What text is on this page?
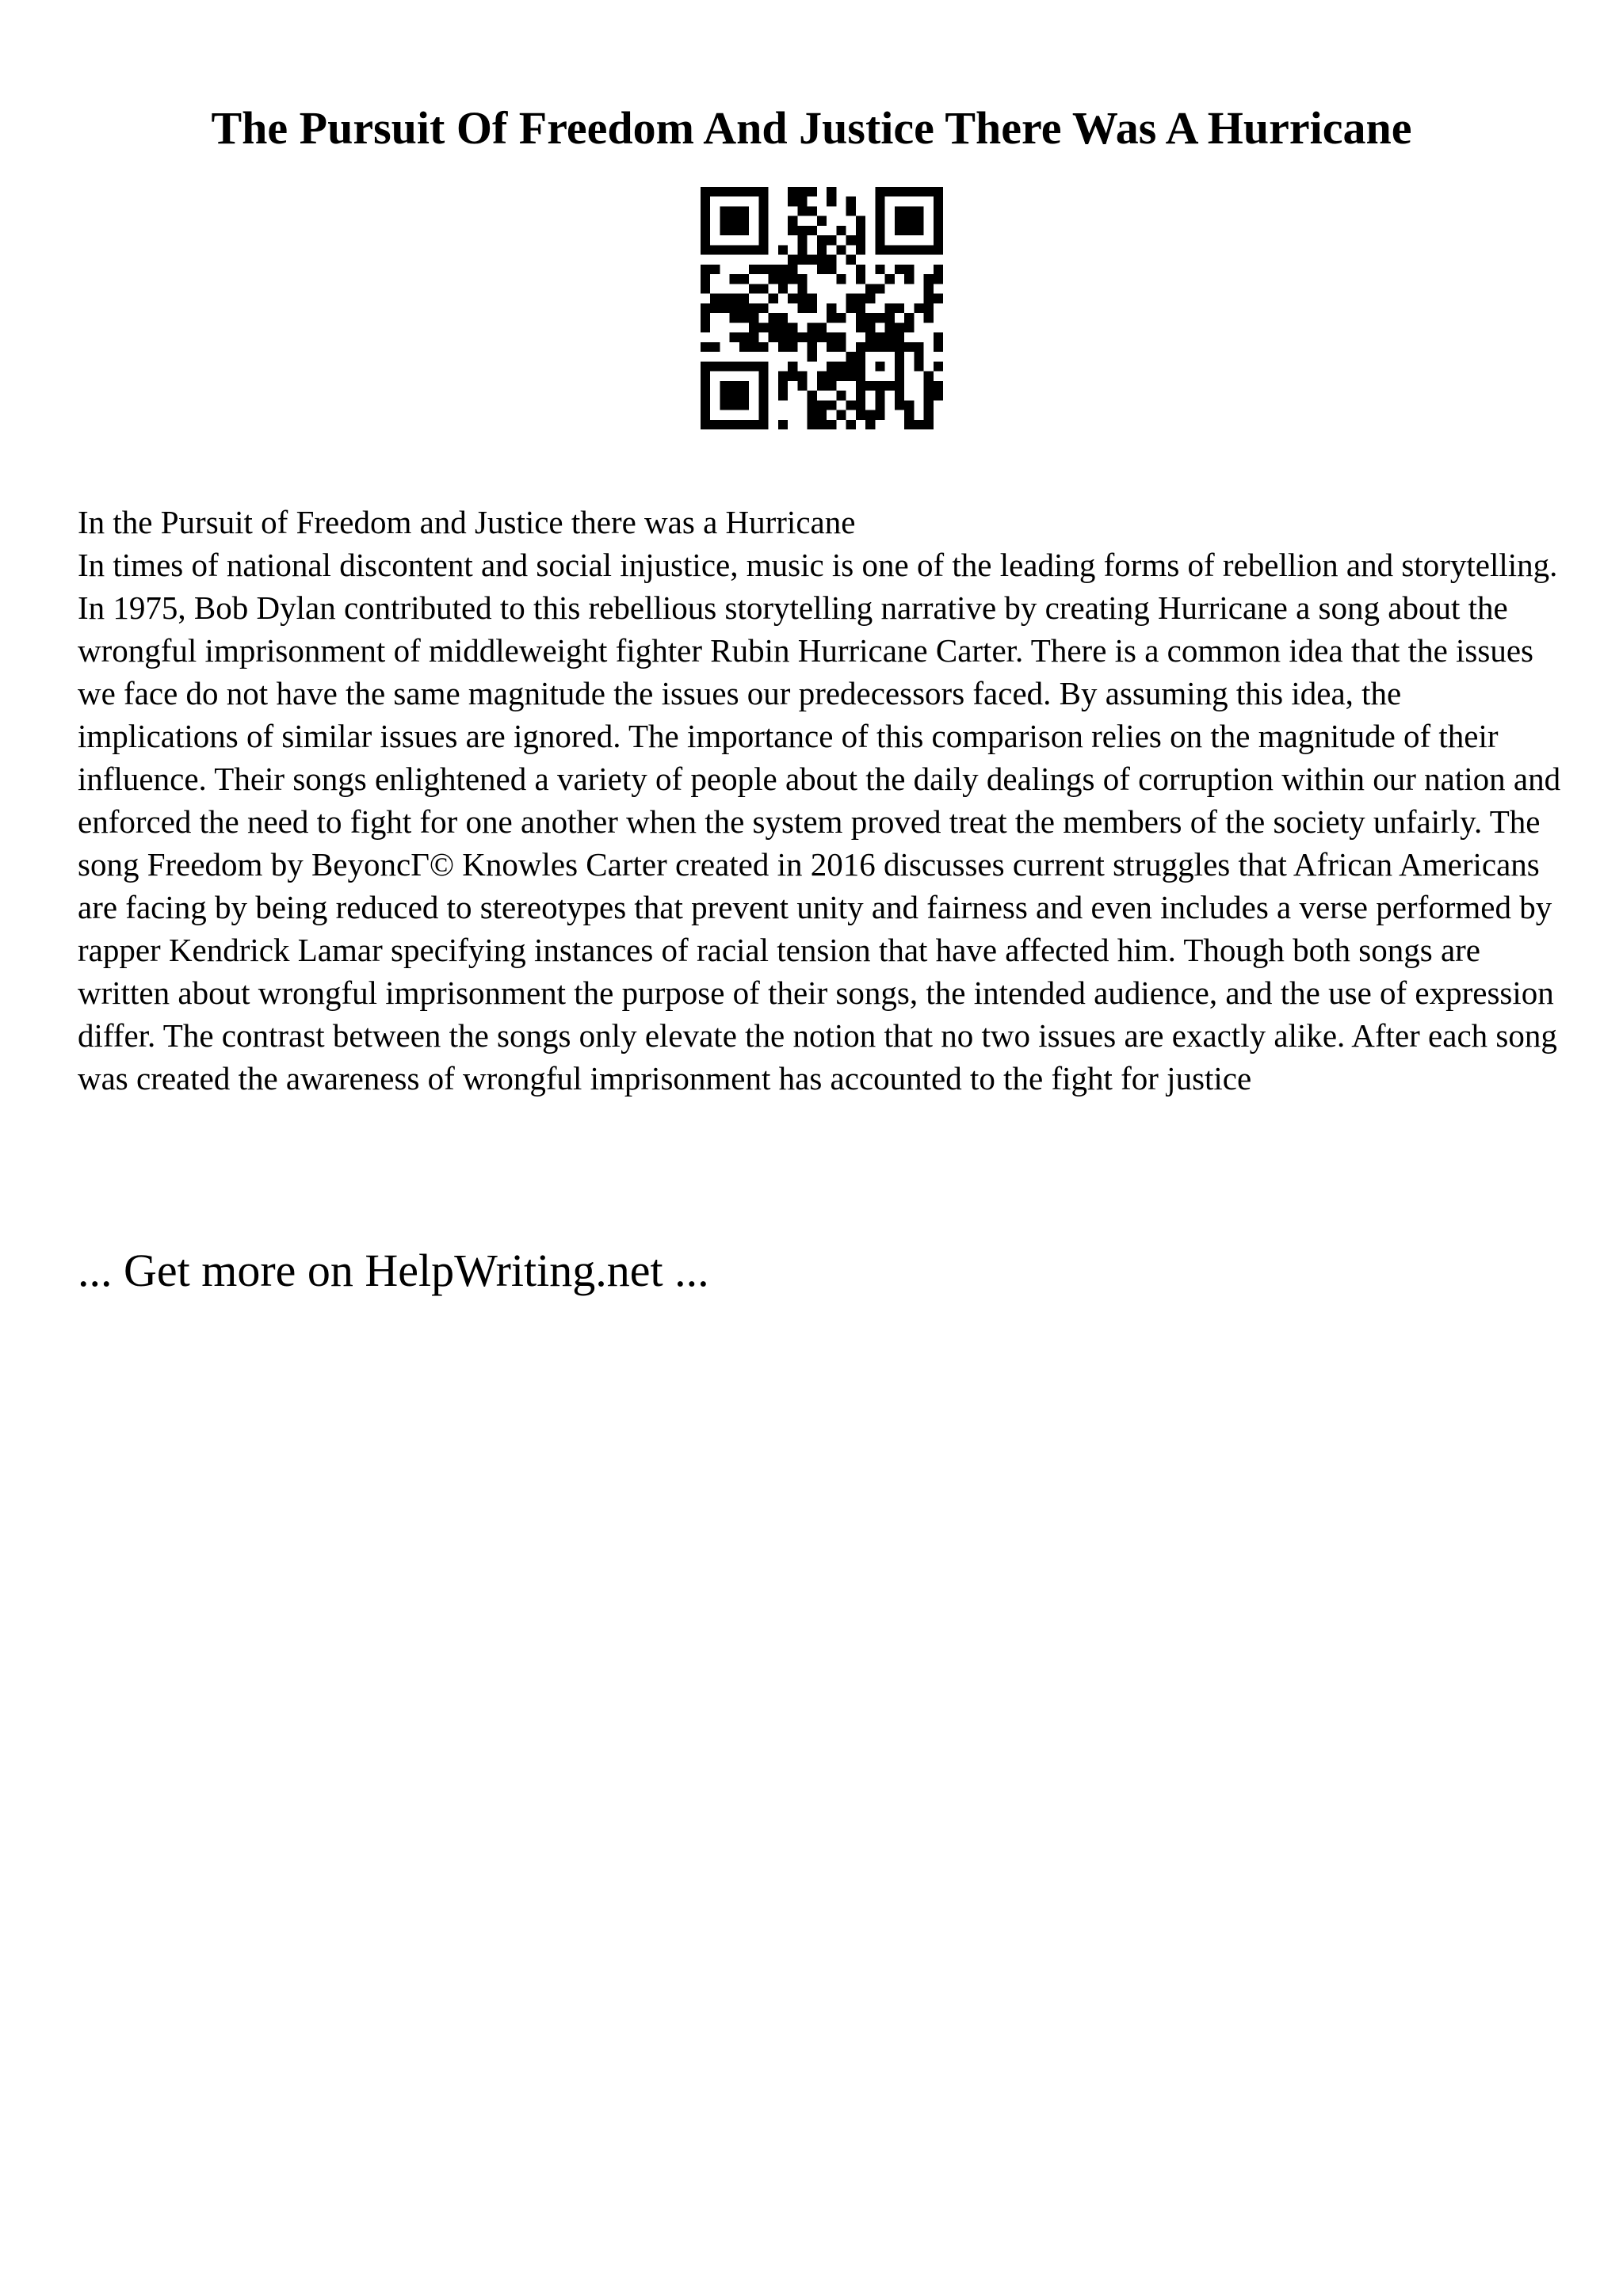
The Pursuit Of Freedom And Justice There Was A Hurricane

In the Pursuit of Freedom and Justice there was a Hurricane

In times of national discontent and social injustice, music is one of the leading forms of rebellion and storytelling. In 1975, Bob Dylan contributed to this rebellious storytelling narrative by creating Hurricane a song about the wrongful imprisonment of middleweight fighter Rubin Hurricane Carter. There is a common idea that the issues we face do not have the same magnitude the issues our predecessors faced. By assuming this idea, the implications of similar issues are ignored. The importance of this comparison relies on the magnitude of their influence. Their songs enlightened a variety of people about the daily dealings of corruption within our nation and enforced the need to fight for one another when the system proved treat the members of the society unfairly. The song Freedom by BeyoncГ© Knowles Carter created in 2016 discusses current struggles that African Americans are facing by being reduced to stereotypes that prevent unity and fairness and even includes a verse performed by rapper Kendrick Lamar specifying instances of racial tension that have affected him. Though both songs are written about wrongful imprisonment the purpose of their songs, the intended audience, and the use of expression differ. The contrast between the songs only elevate the notion that no two issues are exactly alike. After each song was created the awareness of wrongful imprisonment has accounted to the fight for justice

... Get more on HelpWriting.net ...
